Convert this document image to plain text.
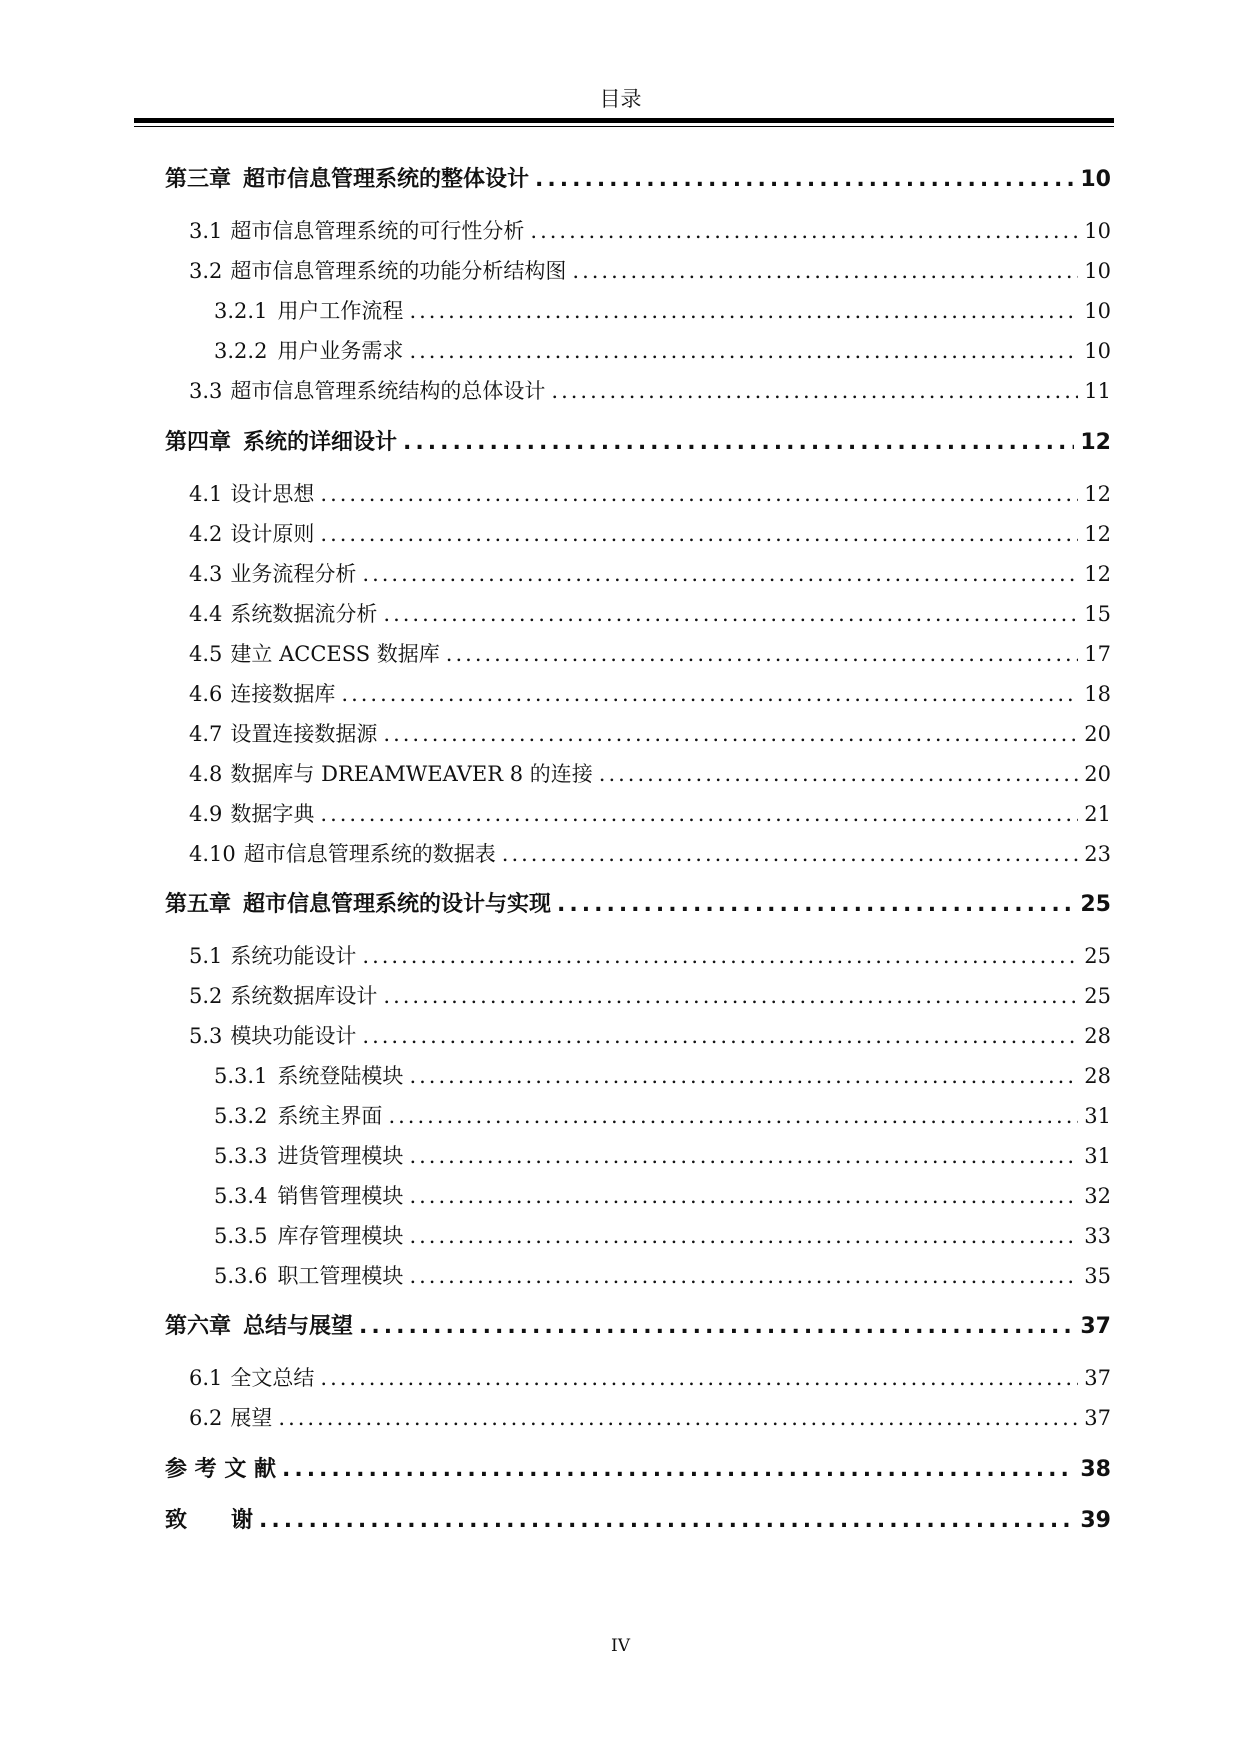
目录
第三章 超市信息管理系统的整体设计 .....	10
3.1 超市信息管理系统的可行性分析 .....	10
3.2 超市信息管理系统的功能分析结构图 .....	10
3.2.1 用户工作流程 .....	10
3.2.2 用户业务需求 .....	10
3.3 超市信息管理系统结构的总体设计 .....	11
第四章 系统的详细设计 .....	12
4.1 设计思想 .....	12
4.2 设计原则 .....	12
4.3 业务流程分析 .....	12
4.4 系统数据流分析 .....	15
4.5 建立 ACCESS 数据库 .....	17
4.6 连接数据库 .....	18
4.7 设置连接数据源 .....	20
4.8 数据库与 DREAMWEAVER 8 的连接 .....	20
4.9 数据字典 .....	21
4.10 超市信息管理系统的数据表 .....	23
第五章 超市信息管理系统的设计与实现 .....	25
5.1 系统功能设计 .....	25
5.2 系统数据库设计 .....	25
5.3 模块功能设计 .....	28
5.3.1 系统登陆模块 .....	28
5.3.2 系统主界面 .....	31
5.3.3 进货管理模块 .....	31
5.3.4 销售管理模块 .....	32
5.3.5 库存管理模块 .....	33
5.3.6 职工管理模块 .....	35
第六章 总结与展望 .....	37
6.1 全文总结 .....	37
6.2 展望 .....	37
参 考 文 献 .....	38
致　　谢 .....	39
IV
